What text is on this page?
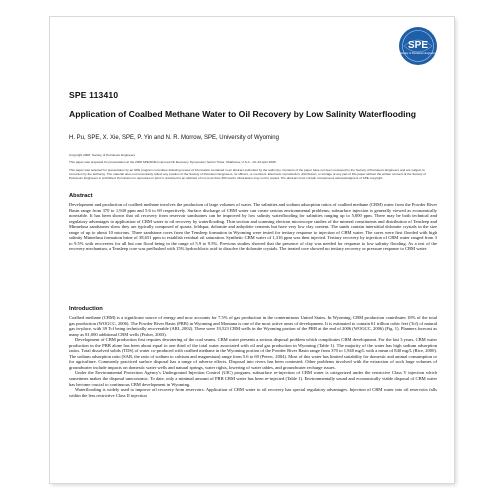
SPE
Society of Petroleum Engineers
SPE 113410
Application of Coalbed Methane Water to Oil Recovery by Low Salinity Waterflooding
H. Pu, SPE, X. Xie, SPE, P. Yin and N. R. Morrow, SPE, University of Wyoming
Copyright 2008, Society of Petroleum Engineers
This paper was prepared for presentation at the 2008 SPE/DOE Improved Oil Recovery Symposium held in Tulsa, Oklahoma, U.S.A., 19–23 April 2008.
This paper was selected for presentation by an SPE program committee following review of information contained in an abstract submitted by the author(s). Contents of the paper have not been reviewed by the Society of Petroleum Engineers and are subject to correction by the author(s). The material does not necessarily reflect any position of the Society of Petroleum Engineers, its officers, or members. Electronic reproduction, distribution, or storage of any part of this paper without the written consent of the Society of Petroleum Engineers is prohibited. Permission to reproduce in print is restricted to an abstract of not more than 300 words; illustrations may not be copied. The abstract must contain conspicuous acknowledgment of SPE copyright.
Abstract

Development and production of coalbed methane involves the production of large volumes of water. The salinities and sodium adsorption ratios of coalbed methane (CBM) water from the Powder River Basin range from 370 to 1,940 ppm and 5.6 to 69 respectively. Surface discharge of CBM water can create serious environmental problems; subsurface injection is generally viewed as economically nonviable. It has been shown that oil recovery from reservoir sandstones can be improved by low salinity waterflooding for salinities ranging up to 5,000 ppm. There may be both technical and regulatory advantages to application of CBM water to oil recovery by waterflooding. Thin section and scanning electron microscope studies of the mineral constituents and distribution of Tensleep and Minnelusa sandstones show they are typically composed of quartz, feldspar, dolomite and anhydrite cements but have very low clay content. The sands contain interstitial dolomite crystals in the size range of up to about 10 microns. Three sandstone cores from the Tensleep formation in Wyoming were tested for tertiary response to injection of CBM water. The cores were first flooded with high salinity Minnelusa formation brine of 38,651 ppm to establish residual oil saturation. Synthetic CBM water of 1,316 ppm was then injected. Tertiary recovery by injection of CBM water ranged from 3 to 9.5% with recoveries for all but one flood being in the range of 5.9 to 9.5%. Previous studies showed that the presence of clay was needed for response to low salinity flooding. As a test of the recovery mechanism, a Tensleep core was preflushed with 15% hydrochloric acid to dissolve the dolomite crystals. The treated core showed no tertiary recovery or pressure response to CBM water.

Introduction

Coalbed methane (CBM) is a significant source of energy and now accounts for 7.5% of gas production in the conterminous United States. In Wyoming, CBM production contributes 18% of the total gas production (WOGCC, 2006). The Powder River Basin (PRB) in Wyoming and Montana is one of the most active areas of development. It is estimated to contain 61 trillion cubic feet (Tcf) of natural gas in-place, with 39 Tcf being technically recoverable (ARI, 2002). There were 19,523 CBM wells in the Wyoming portion of the PRB at the end of 2006 (WOGCC, 2006) (Fig. 1). Planners forecast as many as 81,000 additional CBM wells (Fisher, 2003).

Development of CBM production first requires dewatering of the coal seams. CBM water presents a serious disposal problem which complicates CBM development. For the last 3 years, CBM water production in the PRB alone has been about equal to one third of the total water associated with oil and gas production in Wyoming (Table 1). The majority of the water has high sodium adsorption ratios. Total dissolved solids (TDS) of water co-produced with coalbed methane in the Wyoming portion of the Powder River Basin range from 370 to 1,940 mg/L with a mean of 840 mg/L (Rice, 2000). The sodium adsorption ratio (SAR, the ratio of sodium to calcium and magnesium) range from 5.6 to 69 (Peterc, 2004). Most of this water has limited suitability for domestic and animal consumption or for agriculture. Commonly practiced surface disposal has a range of adverse effects. Disposal into rivers has been contested. Other problems involved with the extraction of such large volumes of groundwater include impacts on domestic water wells and natural springs, water rights, lowering of water tables, and groundwater recharge issues.

Under the Environmental Protection Agency's Underground Injection Control (UIC) program, subsurface re-injection of CBM water is categorized under the restrictive Class V injection which sometimes makes the disposal uneconomic. To date, only a minimal amount of PRB CBM water has been re-injected (Table 1). Environmentally sound and economically viable disposal of CBM water has become crucial to continuous CBM development in Wyoming.

Waterflooding is widely used to improve oil recovery from reservoirs. Application of CBM water to oil recovery has special regulatory advantages. Injection of CBM water into oil reservoirs falls within the less restrictive Class II injection
